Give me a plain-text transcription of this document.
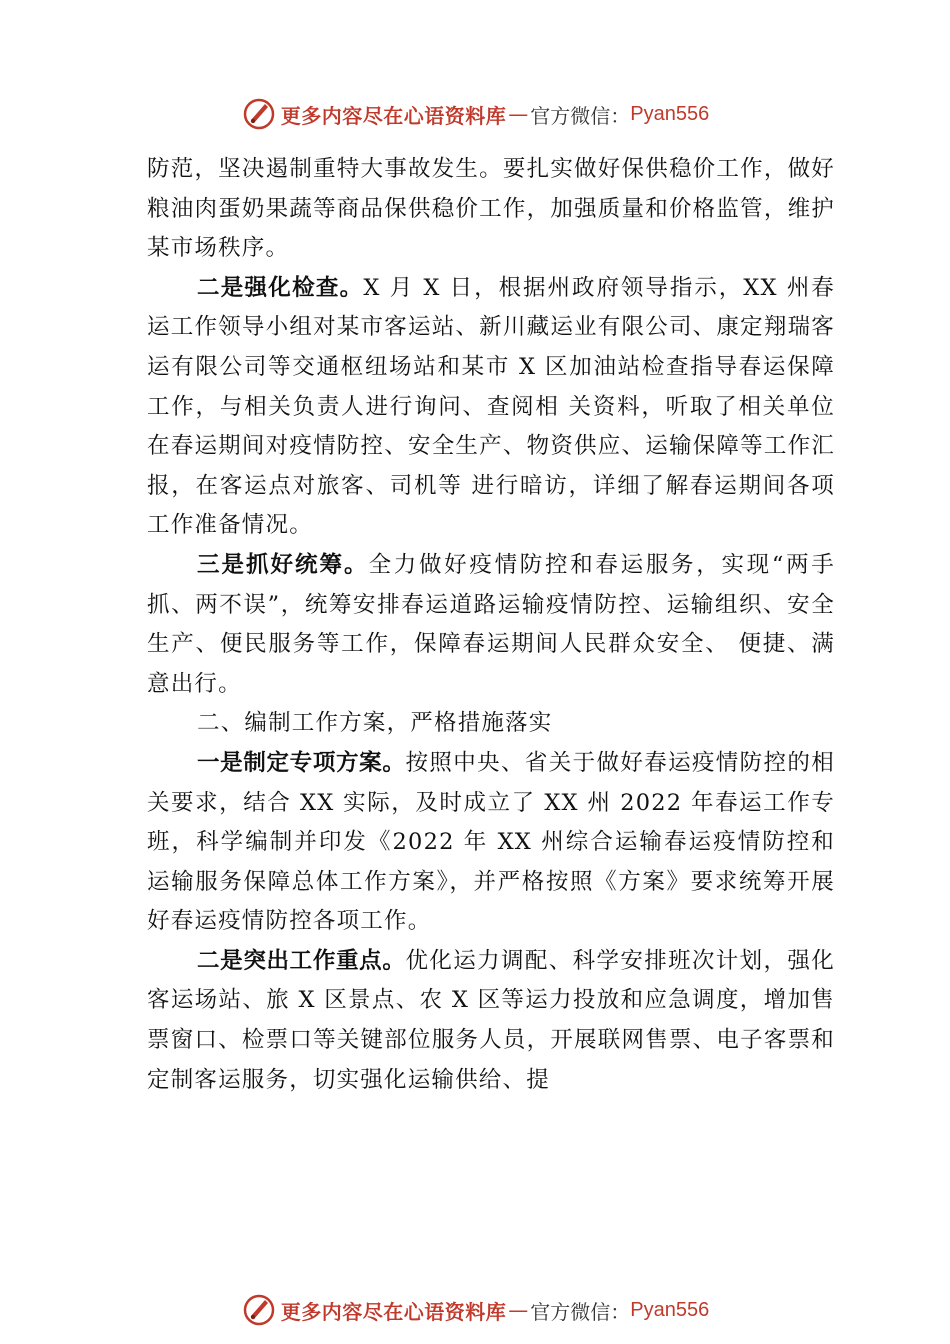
更多内容尽在心语资料库 — 官方微信： Pyan556

防范，坚决遏制重特大事故发生。要扎实做好保供稳价工作，做好粮油肉蛋奶果蔬等商品保供稳价工作，加强质量和价格监管，维护某市场秩序。

二是强化检查。X 月 X 日，根据州政府领导指示，XX 州春运工作领导小组对某市客运站、新川藏运业有限公司、康定翔瑞客运有限公司等交通枢纽场站和某市 X 区加油站检查指导春运保障工作，与相关负责人进行询问、查阅相 关资料，听取了相关单位在春运期间对疫情防控、安全生产、物资供应、运输保障等工作汇报，在客运点对旅客、司机等 进行暗访，详细了解春运期间各项工作准备情况。

三是抓好统筹。全力做好疫情防控和春运服务，实现“两手抓、两不误”，统筹安排春运道路运输疫情防控、运输组织、安全生产、便民服务等工作，保障春运期间人民群众安全、 便捷、满意出行。

二、编制工作方案，严格措施落实

一是制定专项方案。按照中央、省关于做好春运疫情防控的相关要求，结合 XX 实际，及时成立了 XX 州 2022 年春运工作专班，科学编制并印发《2022 年 XX 州综合运输春运疫情防控和运输服务保障总体工作方案》，并严格按照《方案》要求统筹开展好春运疫情防控各项工作。

二是突出工作重点。优化运力调配、科学安排班次计划，强化客运场站、旅 X 区景点、农 X 区等运力投放和应急调度，增加售票窗口、检票口等关键部位服务人员，开展联网售票、电子客票和定制客运服务，切实强化运输供给、提

更多内容尽在心语资料库 — 官方微信： Pyan556
